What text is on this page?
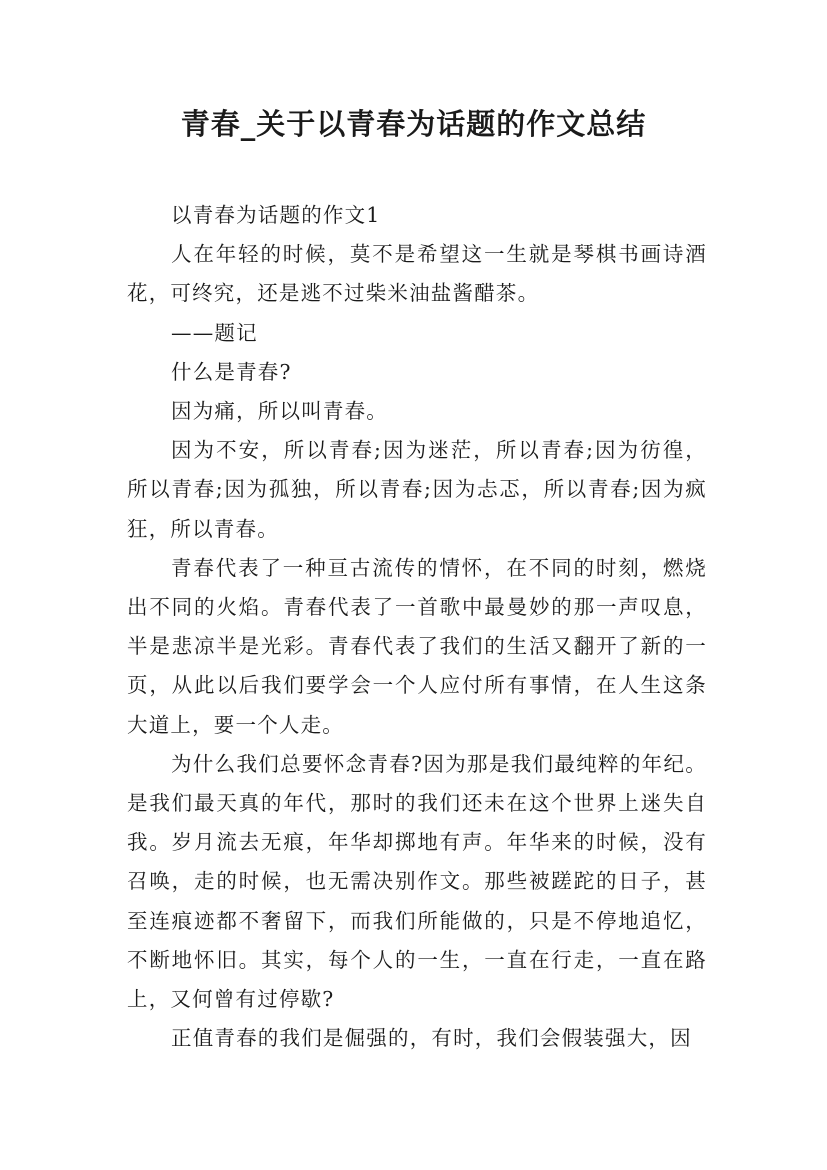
青春_关于以青春为话题的作文总结

以青春为话题的作文1

人在年轻的时候，莫不是希望这一生就是琴棋书画诗酒花，可终究，还是逃不过柴米油盐酱醋茶。

——题记

什么是青春?

因为痛，所以叫青春。

因为不安，所以青春;因为迷茫，所以青春;因为彷徨，所以青春;因为孤独，所以青春;因为忐忑，所以青春;因为疯狂，所以青春。

青春代表了一种亘古流传的情怀，在不同的时刻，燃烧出不同的火焰。青春代表了一首歌中最曼妙的那一声叹息，半是悲凉半是光彩。青春代表了我们的生活又翻开了新的一页，从此以后我们要学会一个人应付所有事情，在人生这条大道上，要一个人走。

为什么我们总要怀念青春?因为那是我们最纯粹的年纪。是我们最天真的年代，那时的我们还未在这个世界上迷失自我。岁月流去无痕，年华却掷地有声。年华来的时候，没有召唤，走的时候，也无需决别作文。那些被蹉跎的日子，甚至连痕迹都不奢留下，而我们所能做的，只是不停地追忆，不断地怀旧。其实，每个人的一生，一直在行走，一直在路上，又何曾有过停歇?

正值青春的我们是倔强的，有时，我们会假装强大，因
